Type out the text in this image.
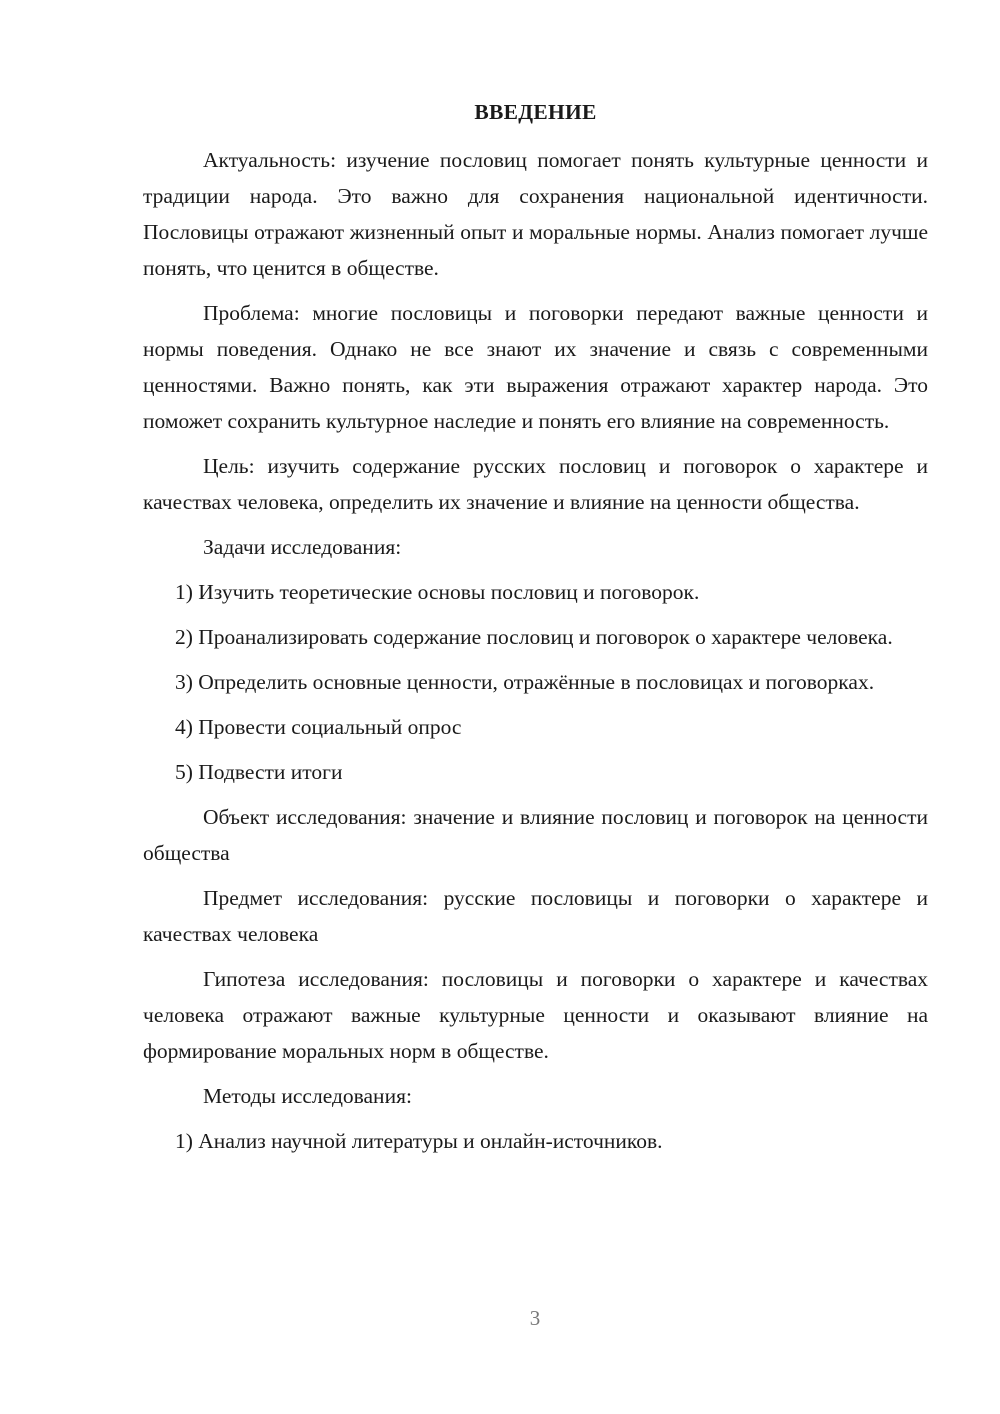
ВВЕДЕНИЕ
Актуальность: изучение пословиц помогает понять культурные ценности и традиции народа. Это важно для сохранения национальной идентичности. Пословицы отражают жизненный опыт и моральные нормы. Анализ помогает лучше понять, что ценится в обществе.
Проблема: многие пословицы и поговорки передают важные ценности и нормы поведения. Однако не все знают их значение и связь с современными ценностями. Важно понять, как эти выражения отражают характер народа. Это поможет сохранить культурное наследие и понять его влияние на современность.
Цель: изучить содержание русских пословиц и поговорок о характере и качествах человека, определить их значение и влияние на ценности общества.
Задачи исследования:
1) Изучить теоретические основы пословиц и поговорок.
2) Проанализировать содержание пословиц и поговорок о характере человека.
3) Определить основные ценности, отражённые в пословицах и поговорках.
4) Провести социальный опрос
5) Подвести итоги
Объект исследования: значение и влияние пословиц и поговорок на ценности общества
Предмет исследования: русские пословицы и поговорки о характере и качествах человека
Гипотеза исследования: пословицы и поговорки о характере и качествах человека отражают важные культурные ценности и оказывают влияние на формирование моральных норм в обществе.
Методы исследования:
1) Анализ научной литературы и онлайн-источников.
3
